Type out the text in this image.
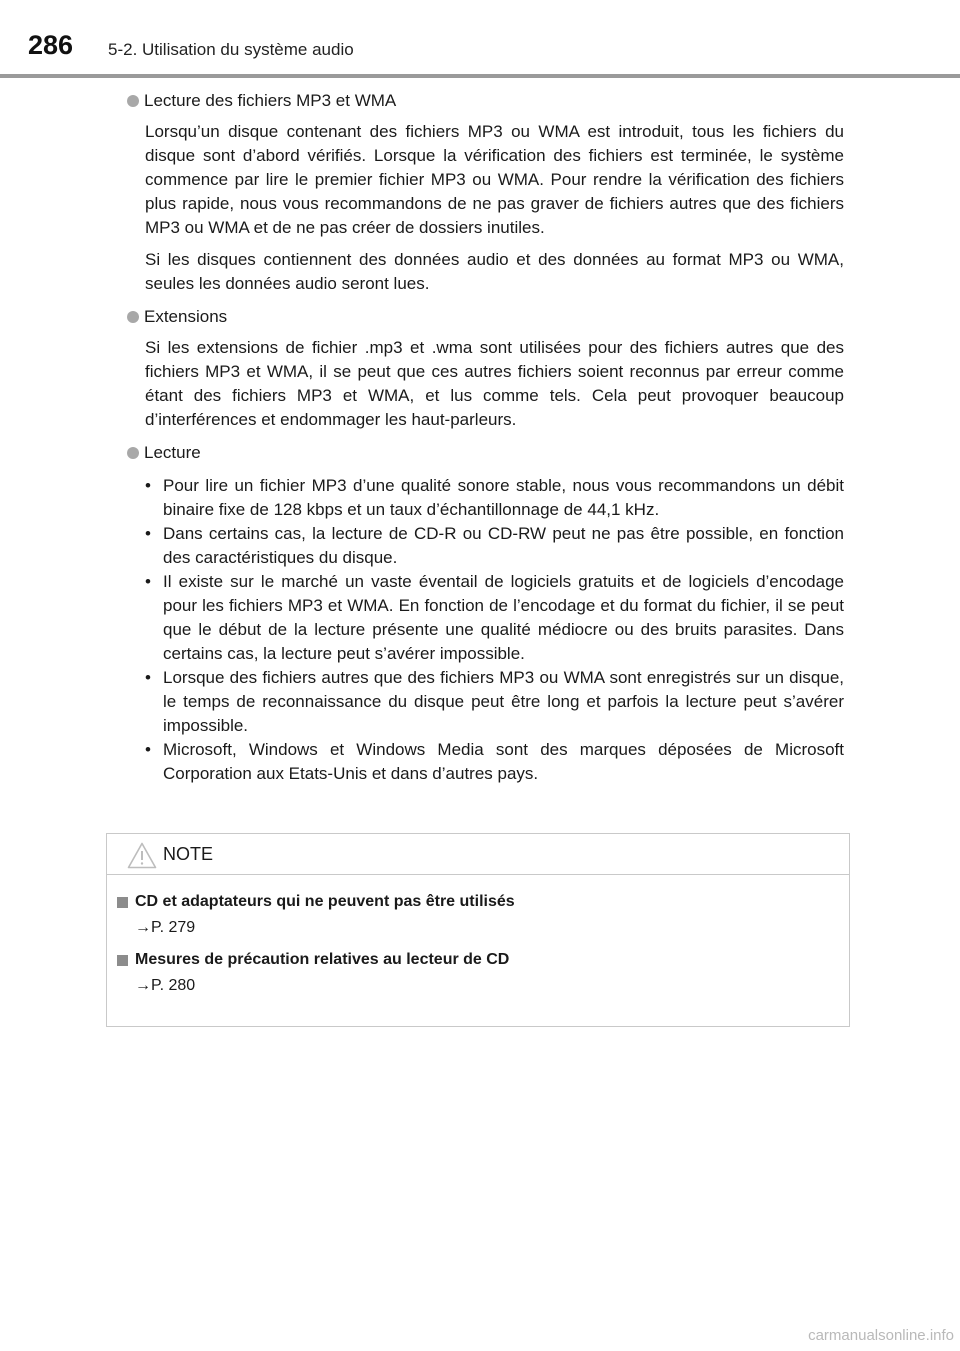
286 5-2. Utilisation du système audio
Lecture des fichiers MP3 et WMA

Lorsqu’un disque contenant des fichiers MP3 ou WMA est introduit, tous les fichiers du disque sont d’abord vérifiés. Lorsque la vérification des fichiers est terminée, le système commence par lire le premier fichier MP3 ou WMA. Pour rendre la vérification des fichiers plus rapide, nous vous recommandons de ne pas graver de fichiers autres que des fichiers MP3 ou WMA et de ne pas créer de dossiers inutiles.

Si les disques contiennent des données audio et des données au format MP3 ou WMA, seules les données audio seront lues.

Extensions

Si les extensions de fichier .mp3 et .wma sont utilisées pour des fichiers autres que des fichiers MP3 et WMA, il se peut que ces autres fichiers soient reconnus par erreur comme étant des fichiers MP3 et WMA, et lus comme tels. Cela peut provoquer beaucoup d’interférences et endommager les haut-parleurs.

Lecture
• Pour lire un fichier MP3 d’une qualité sonore stable, nous vous recommandons un débit binaire fixe de 128 kbps et un taux d’échantillonnage de 44,1 kHz.
• Dans certains cas, la lecture de CD-R ou CD-RW peut ne pas être possible, en fonction des caractéristiques du disque.
• Il existe sur le marché un vaste éventail de logiciels gratuits et de logiciels d’encodage pour les fichiers MP3 et WMA. En fonction de l’encodage et du format du fichier, il se peut que le début de la lecture présente une qualité médiocre ou des bruits parasites. Dans certains cas, la lecture peut s’avérer impossible.
• Lorsque des fichiers autres que des fichiers MP3 ou WMA sont enregistrés sur un disque, le temps de reconnaissance du disque peut être long et parfois la lecture peut s’avérer impossible.
• Microsoft, Windows et Windows Media sont des marques déposées de Microsoft Corporation aux Etats-Unis et dans d’autres pays.
NOTE
CD et adaptateurs qui ne peuvent pas être utilisés
→P. 279
Mesures de précaution relatives au lecteur de CD
→P. 280
carmanualsonline.info
